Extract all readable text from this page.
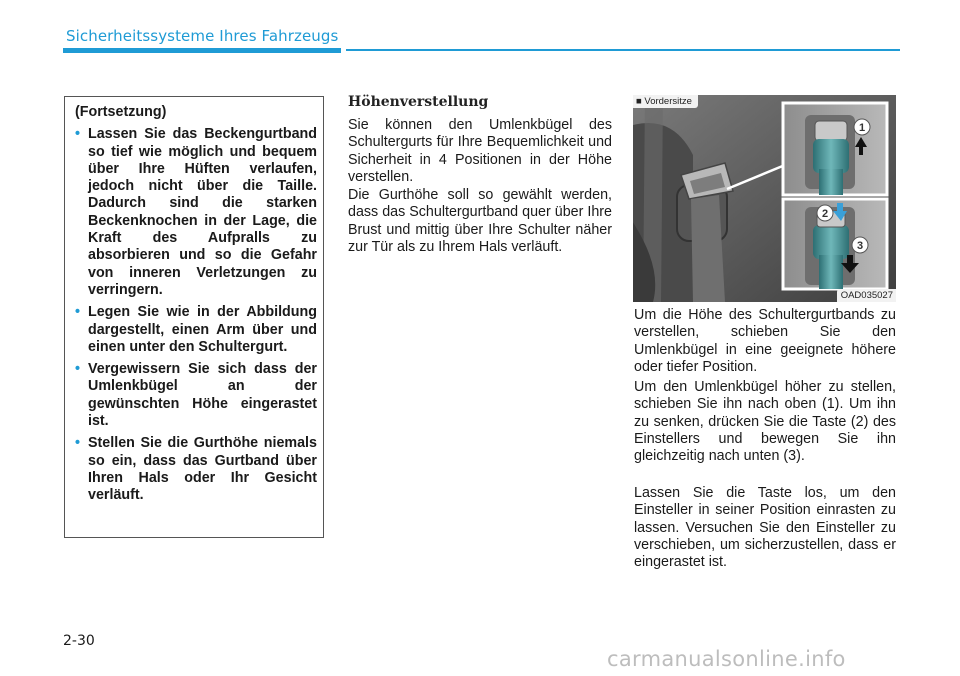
Sicherheitssysteme Ihres Fahrzeugs
(Fortsetzung)
• Lassen Sie das Beckengurtband so tief wie möglich und bequem über Ihre Hüften verlaufen, jedoch nicht über die Taille. Dadurch sind die starken Beckenknochen in der Lage, die Kraft des Aufpralls zu absorbieren und so die Gefahr von inneren Verletzungen zu verringern.
• Legen Sie wie in der Abbildung dargestellt, einen Arm über und einen unter den Schultergurt.
• Vergewissern Sie sich dass der Umlenkbügel an der gewünschten Höhe eingerastet ist.
• Stellen Sie die Gurthöhe niemals so ein, dass das Gurtband über Ihren Hals oder Ihr Gesicht verläuft.
Höhenverstellung

Sie können den Umlenkbügel des Schultergurts für Ihre Bequemlichkeit und Sicherheit in 4 Positionen in der Höhe verstellen.

Die Gurthöhe soll so gewählt werden, dass das Schultergurtband quer über Ihre Brust und mittig über Ihre Schulter näher zur Tür als zu Ihrem Hals verläuft.

1
2
3
■ Vordersitze
OAD035027

Um die Höhe des Schultergurtbands zu verstellen, schieben Sie den Umlenkbügel in eine geeignete höhere oder tiefer Position.

Um den Umlenkbügel höher zu stellen, schieben Sie ihn nach oben (1). Um ihn zu senken, drücken Sie die Taste (2) des Einstellers und bewegen Sie ihn gleichzeitig nach unten (3).

Lassen Sie die Taste los, um den Einsteller in seiner Position einrasten zu lassen. Versuchen Sie den Einsteller zu verschieben, um sicherzustellen, dass er eingerastet ist.

2-30
carmanualsonline.info
